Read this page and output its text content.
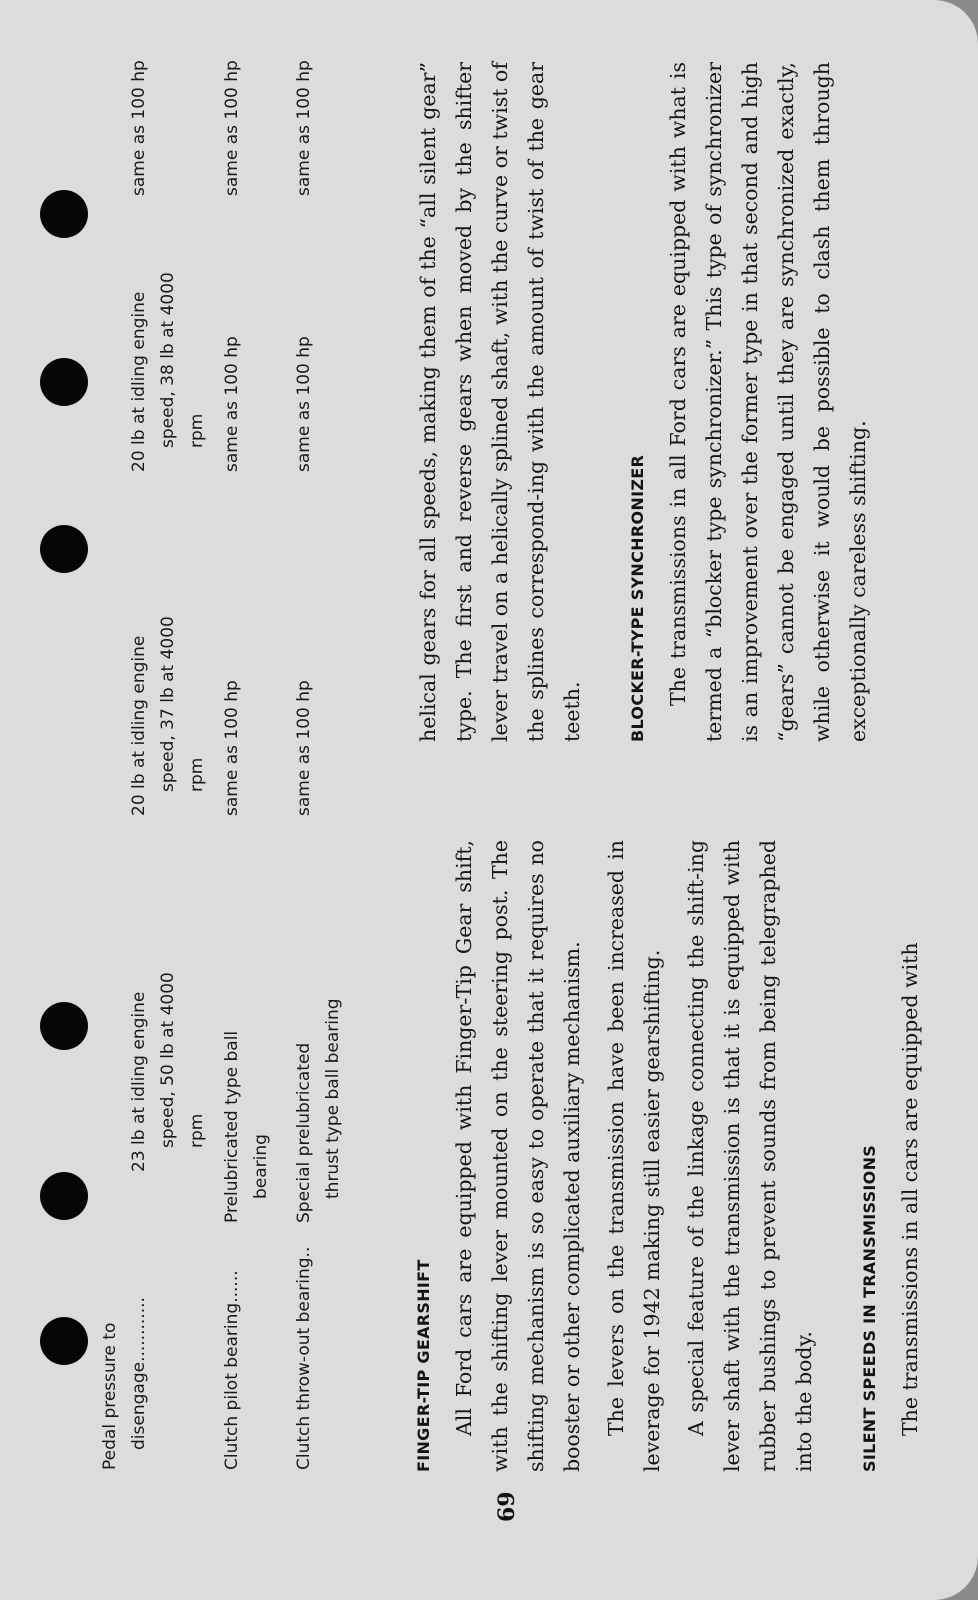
Pedal pressure to disengage............
23 lb at idling engine speed, 50 lb at 4000 rpm
20 lb at idling engine speed, 37 lb at 4000 rpm
20 lb at idling engine speed, 38 lb at 4000 rpm
same as 100 hp
Clutch pilot bearing......
Prelubricated type ball bearing
same as 100 hp
same as 100 hp
same as 100 hp
Clutch throw-out bearing..
Special prelubricated thrust type ball bearing
same as 100 hp
same as 100 hp
same as 100 hp
FINGER-TIP GEARSHIFT All Ford cars are equipped with Finger-Tip Gear shift, with the shifting lever mounted on the steering post. The shifting mechanism is so easy to operate that it requires no booster or other complicated auxiliary mechanism. The levers on the transmission have been increased in leverage for 1942 making still easier gearshifting. A special feature of the linkage connecting the shift-ing lever shaft with the transmission is that it is equipped with rubber bushings to prevent sounds from being telegraphed into the body.	SILENT SPEEDS IN TRANSMISSIONS The transmissions in all cars are equipped with

helical gears for all speeds, making them of the “all silent gear” type. The first and reverse gears when moved by the shifter lever travel on a helically splined shaft, with the curve or twist of the splines correspond-ing with the amount of twist of the gear teeth.	BLOCKER-TYPE SYNCHRONIZER The transmissions in all Ford cars are equipped with what is termed a “blocker type synchronizer.” This type of synchronizer is an improvement over the former type in that second and high “gears” cannot be engaged until they are synchronized exactly, while otherwise it would be possible to clash them through exceptionally careless shifting.

69
